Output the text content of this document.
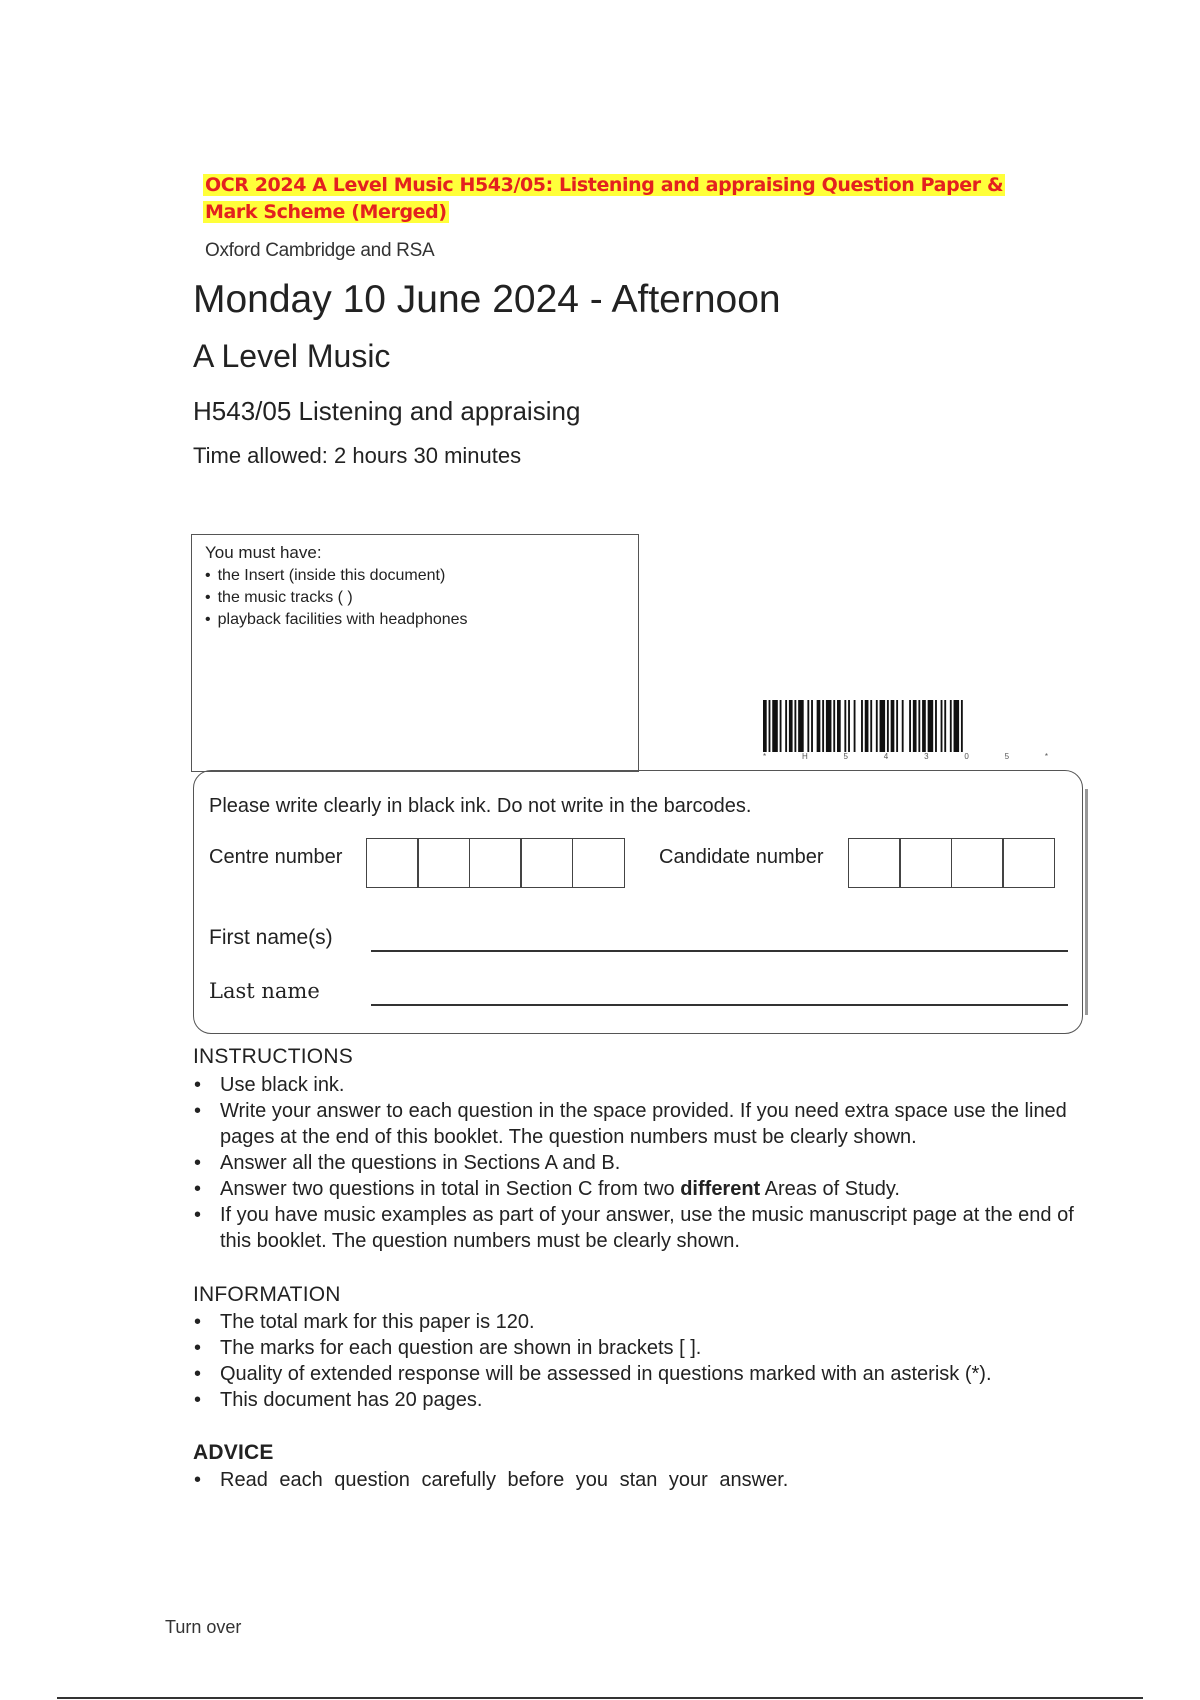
OCR 2024 A Level Music H543/05: Listening and appraising Question Paper & Mark Scheme (Merged)
Oxford Cambridge and RSA
Monday 10 June 2024 - Afternoon
A Level Music
H543/05 Listening and appraising
Time allowed: 2 hours 30 minutes
You must have:
• the Insert (inside this document)
• the music tracks ( )
• playback facilities with headphones
*	H	5	4	3	0	5	*
Please write clearly in black ink. Do not write in the barcodes.
Centre number	Candidate number
First name(s)
Last name
INSTRUCTIONS
• Use black ink.
• Write your answer to each question in the space provided. If you need extra space use the lined pages at the end of this booklet. The question numbers must be clearly shown.
• Answer all the questions in Sections A and B.
• Answer two questions in total in Section C from two different Areas of Study.
• If you have music examples as part of your answer, use the music manuscript page at the end of this booklet. The question numbers must be clearly shown.
INFORMATION
• The total mark for this paper is 120.
• The marks for each question are shown in brackets [ ].
• Quality of extended response will be assessed in questions marked with an asterisk (*).
• This document has 20 pages.
ADVICE
• Read each question carefully before you stan your answer.
Turn over
